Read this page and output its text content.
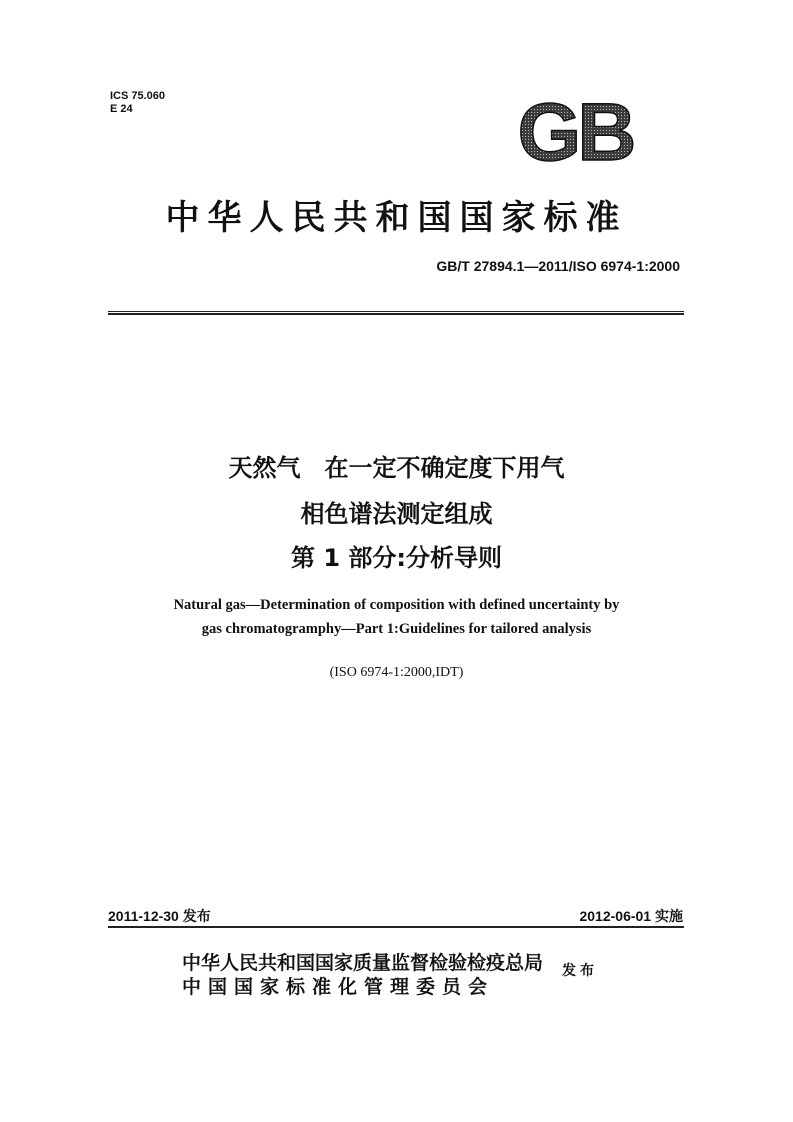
ICS 75.060
E 24	GB
中华人民共和国国家标准
GB/T 27894.1—2011/ISO 6974-1:2000
天然气　在一定不确定度下用气
相色谱法测定组成
第 1 部分:分析导则
Natural gas—Determination of composition with defined uncertainty by
gas chromatogramphy—Part 1:Guidelines for tailored analysis
(ISO 6974-1:2000,IDT)
2011-12-30 发布	2012-06-01 实施
中华人民共和国国家质量监督检验检疫总局
中国国家标准化管理委员会
发布
